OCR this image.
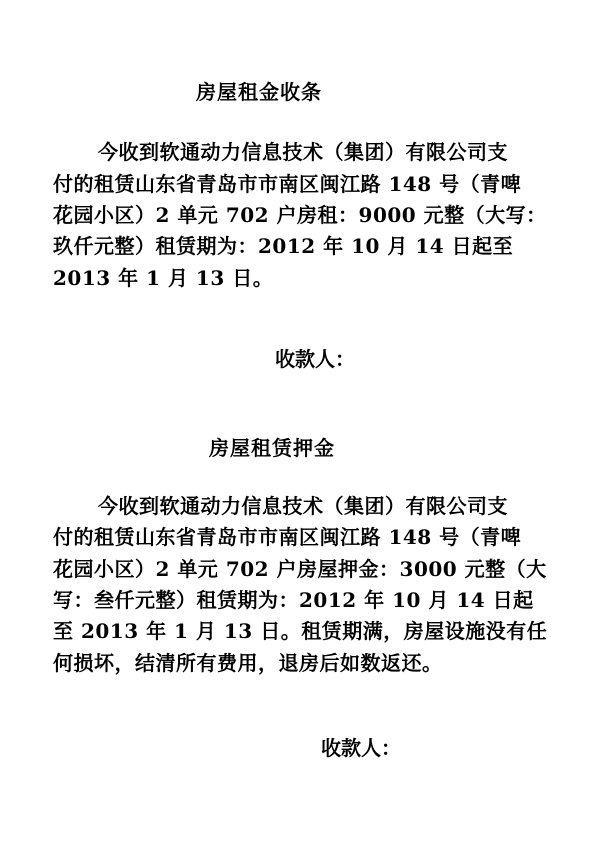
房屋租金收条
今收到软通动力信息技术（集团）有限公司支
付的租赁山东省青岛市市南区闽江路 148 号（青啤
花园小区）2 单元 702 户房租：9000 元整（大写：
玖仟元整）租赁期为：2012 年 10 月 14 日起至
2013 年 1 月 13 日。
收款人：
房屋租赁押金
今收到软通动力信息技术（集团）有限公司支
付的租赁山东省青岛市市南区闽江路 148 号（青啤
花园小区）2 单元 702 户房屋押金：3000 元整（大
写：叁仟元整）租赁期为：2012 年 10 月 14 日起
至 2013 年 1 月 13 日。租赁期满，房屋设施没有任
何损坏，结清所有费用，退房后如数返还。
收款人：
